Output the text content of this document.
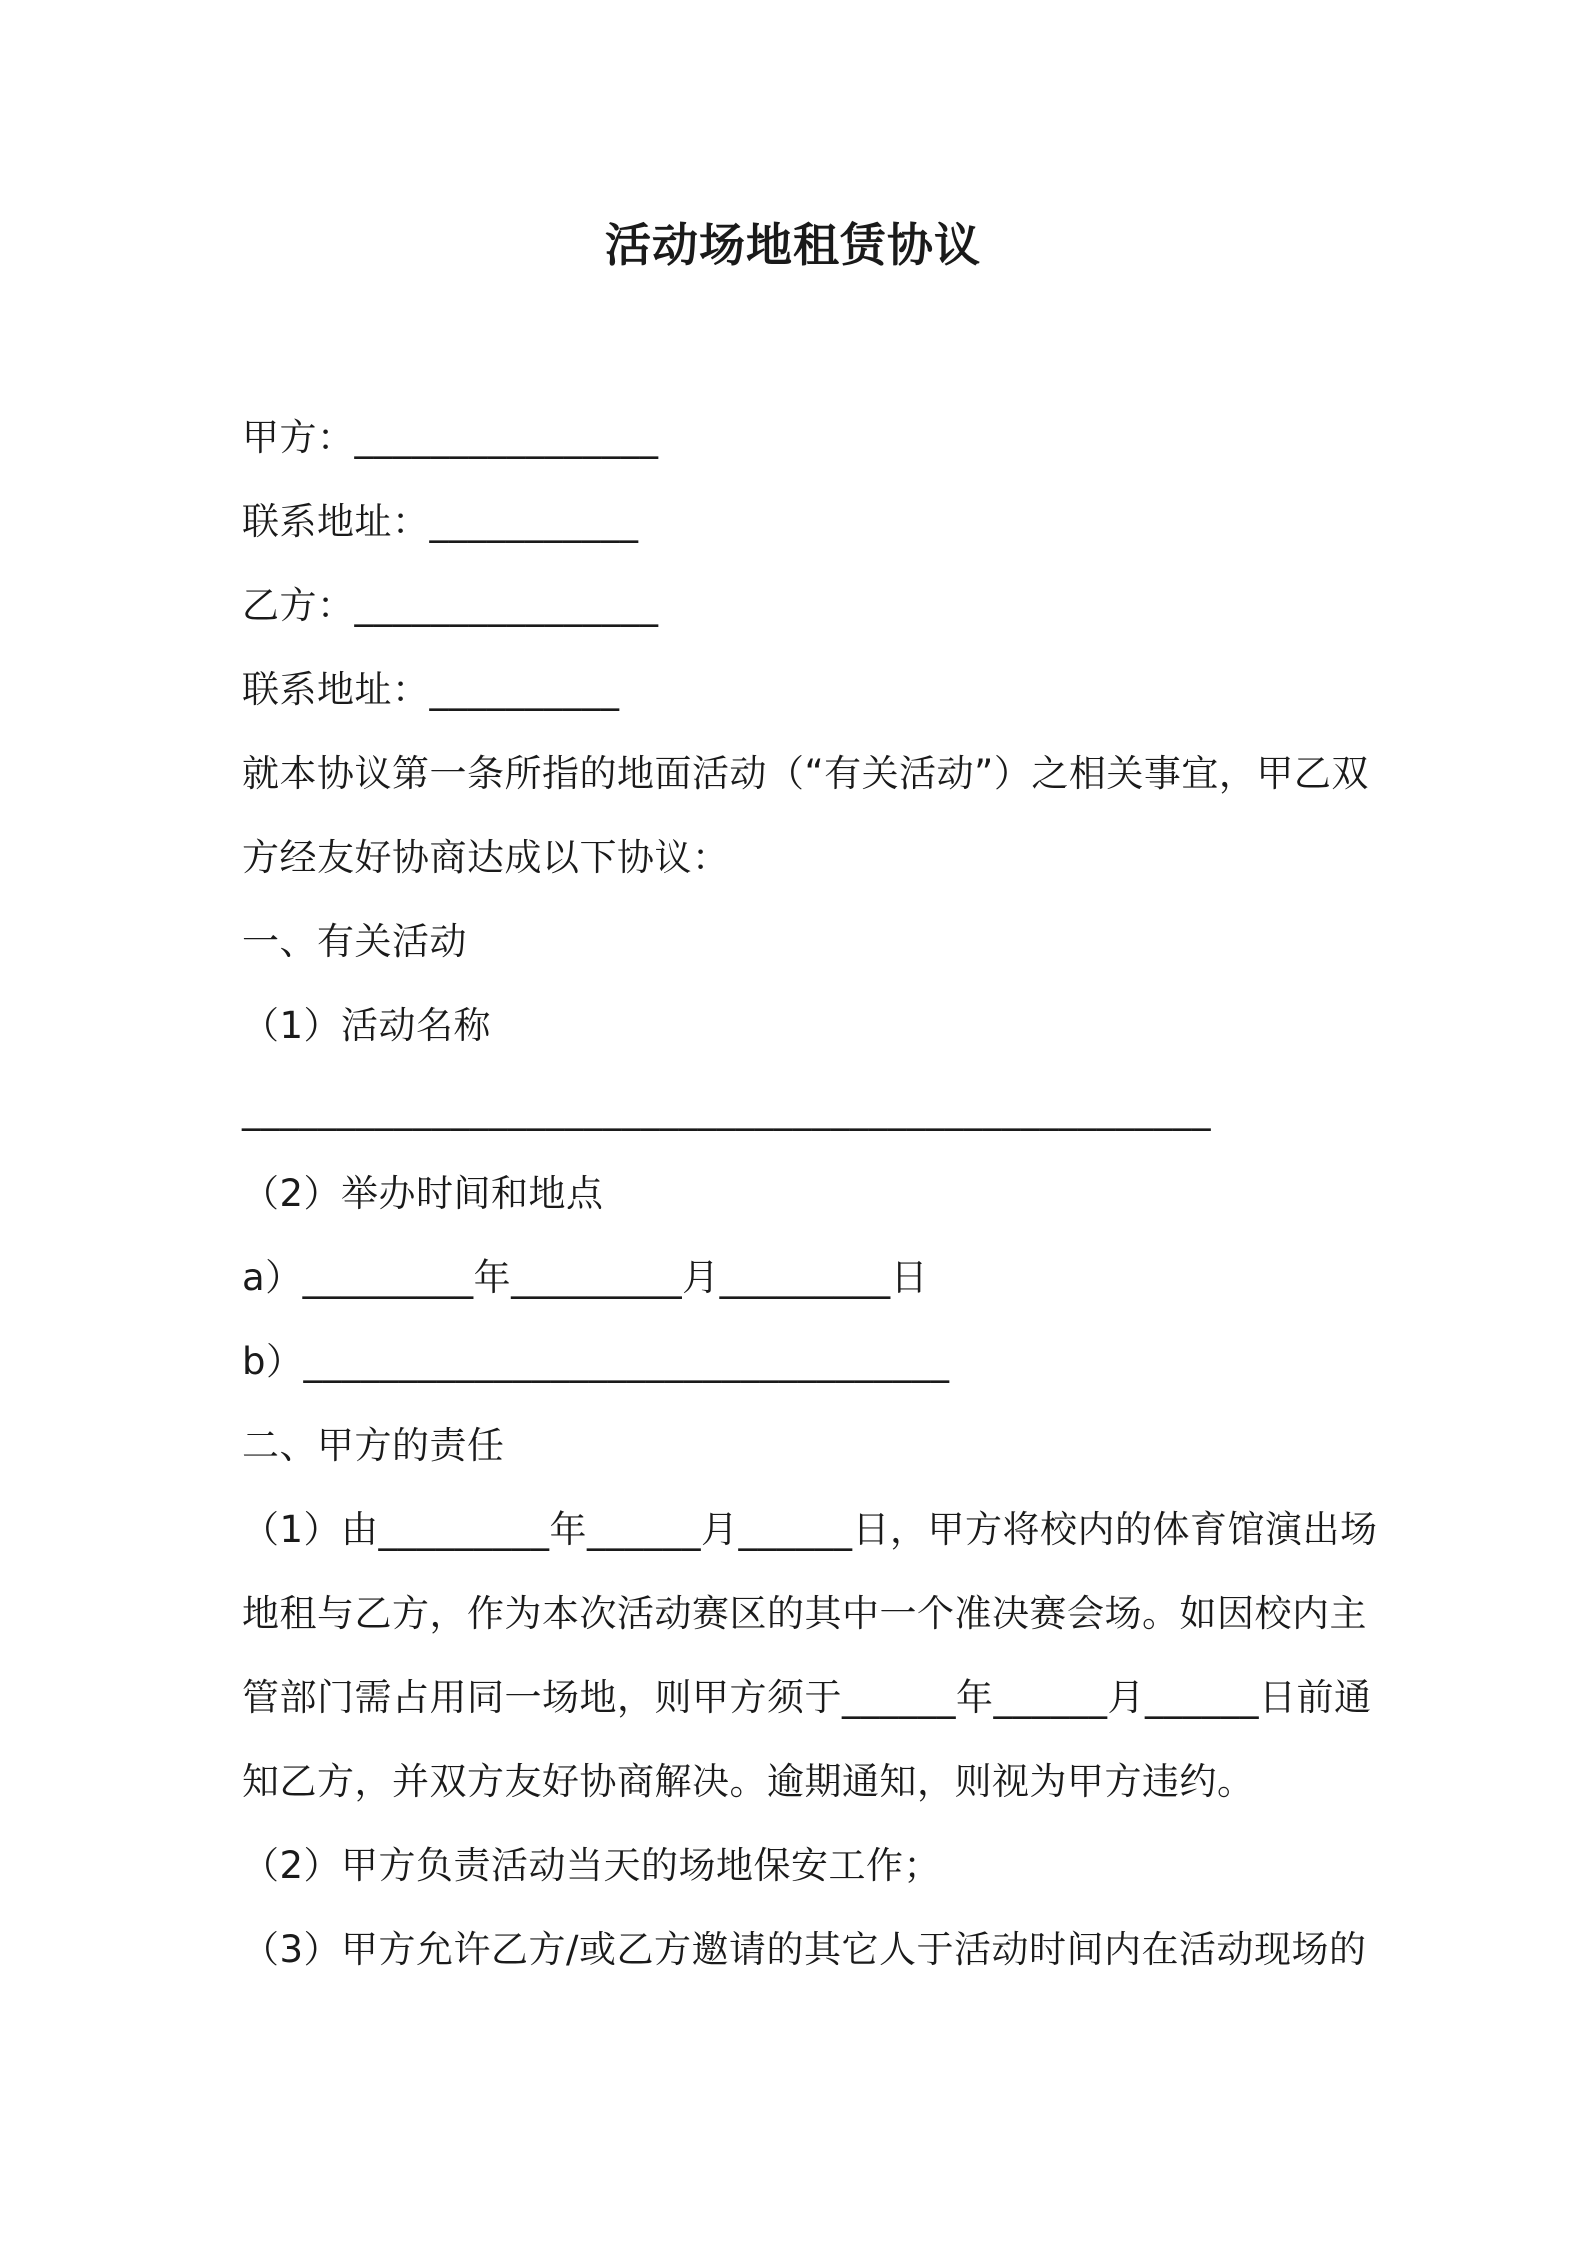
活动场地租赁协议
甲方：________________
联系地址：___________
乙方：________________
联系地址：__________
就本协议第一条所指的地面活动（“有关活动”）之相关事宜，甲乙双
方经友好协商达成以下协议：
一、有关活动
（1）活动名称
___________________________________________________
（2）举办时间和地点
a）_________年_________月_________日
b）__________________________________
二、甲方的责任
（1）由_________年______月______日，甲方将校内的体育馆演出场
地租与乙方，作为本次活动赛区的其中一个准决赛会场。如因校内主
管部门需占用同一场地，则甲方须于______年______月______日前通
知乙方，并双方友好协商解决。逾期通知，则视为甲方违约。
（2）甲方负责活动当天的场地保安工作；
（3）甲方允许乙方/或乙方邀请的其它人于活动时间内在活动现场的
